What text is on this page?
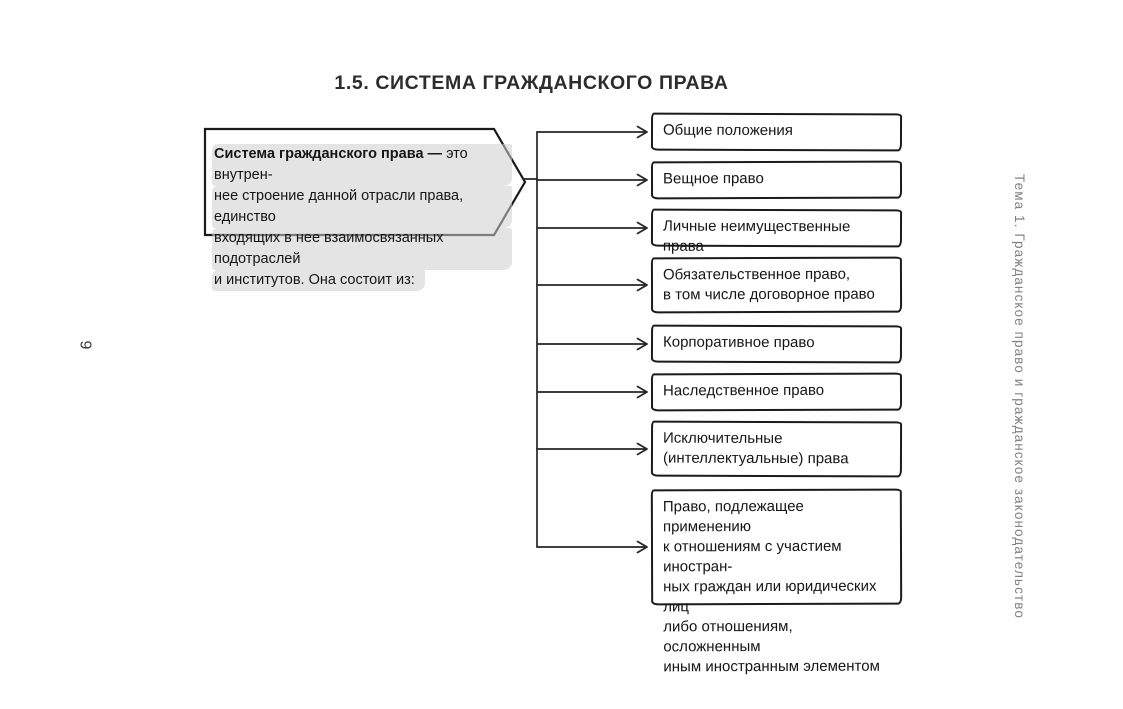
1.5. СИСТЕМА ГРАЖДАНСКОГО ПРАВА
Система гражданского права — это внутрен-
нее строение данной отрасли права, единство
входящих в нее взаимосвязанных подотраслей
и институтов. Она состоит из:
Общие положения
Вещное право
Личные неимущественные права
Обязательственное право,
в том числе договорное право
Корпоративное право
Наследственное право
Исключительные
(интеллектуальные) права
Право, подлежащее применению
к отношениям с участием иностран-
ных граждан или юридических лиц
либо отношениям, осложненным
иным иностранным элементом
Тема 1. Гражданское право и гражданское законодательство
9
